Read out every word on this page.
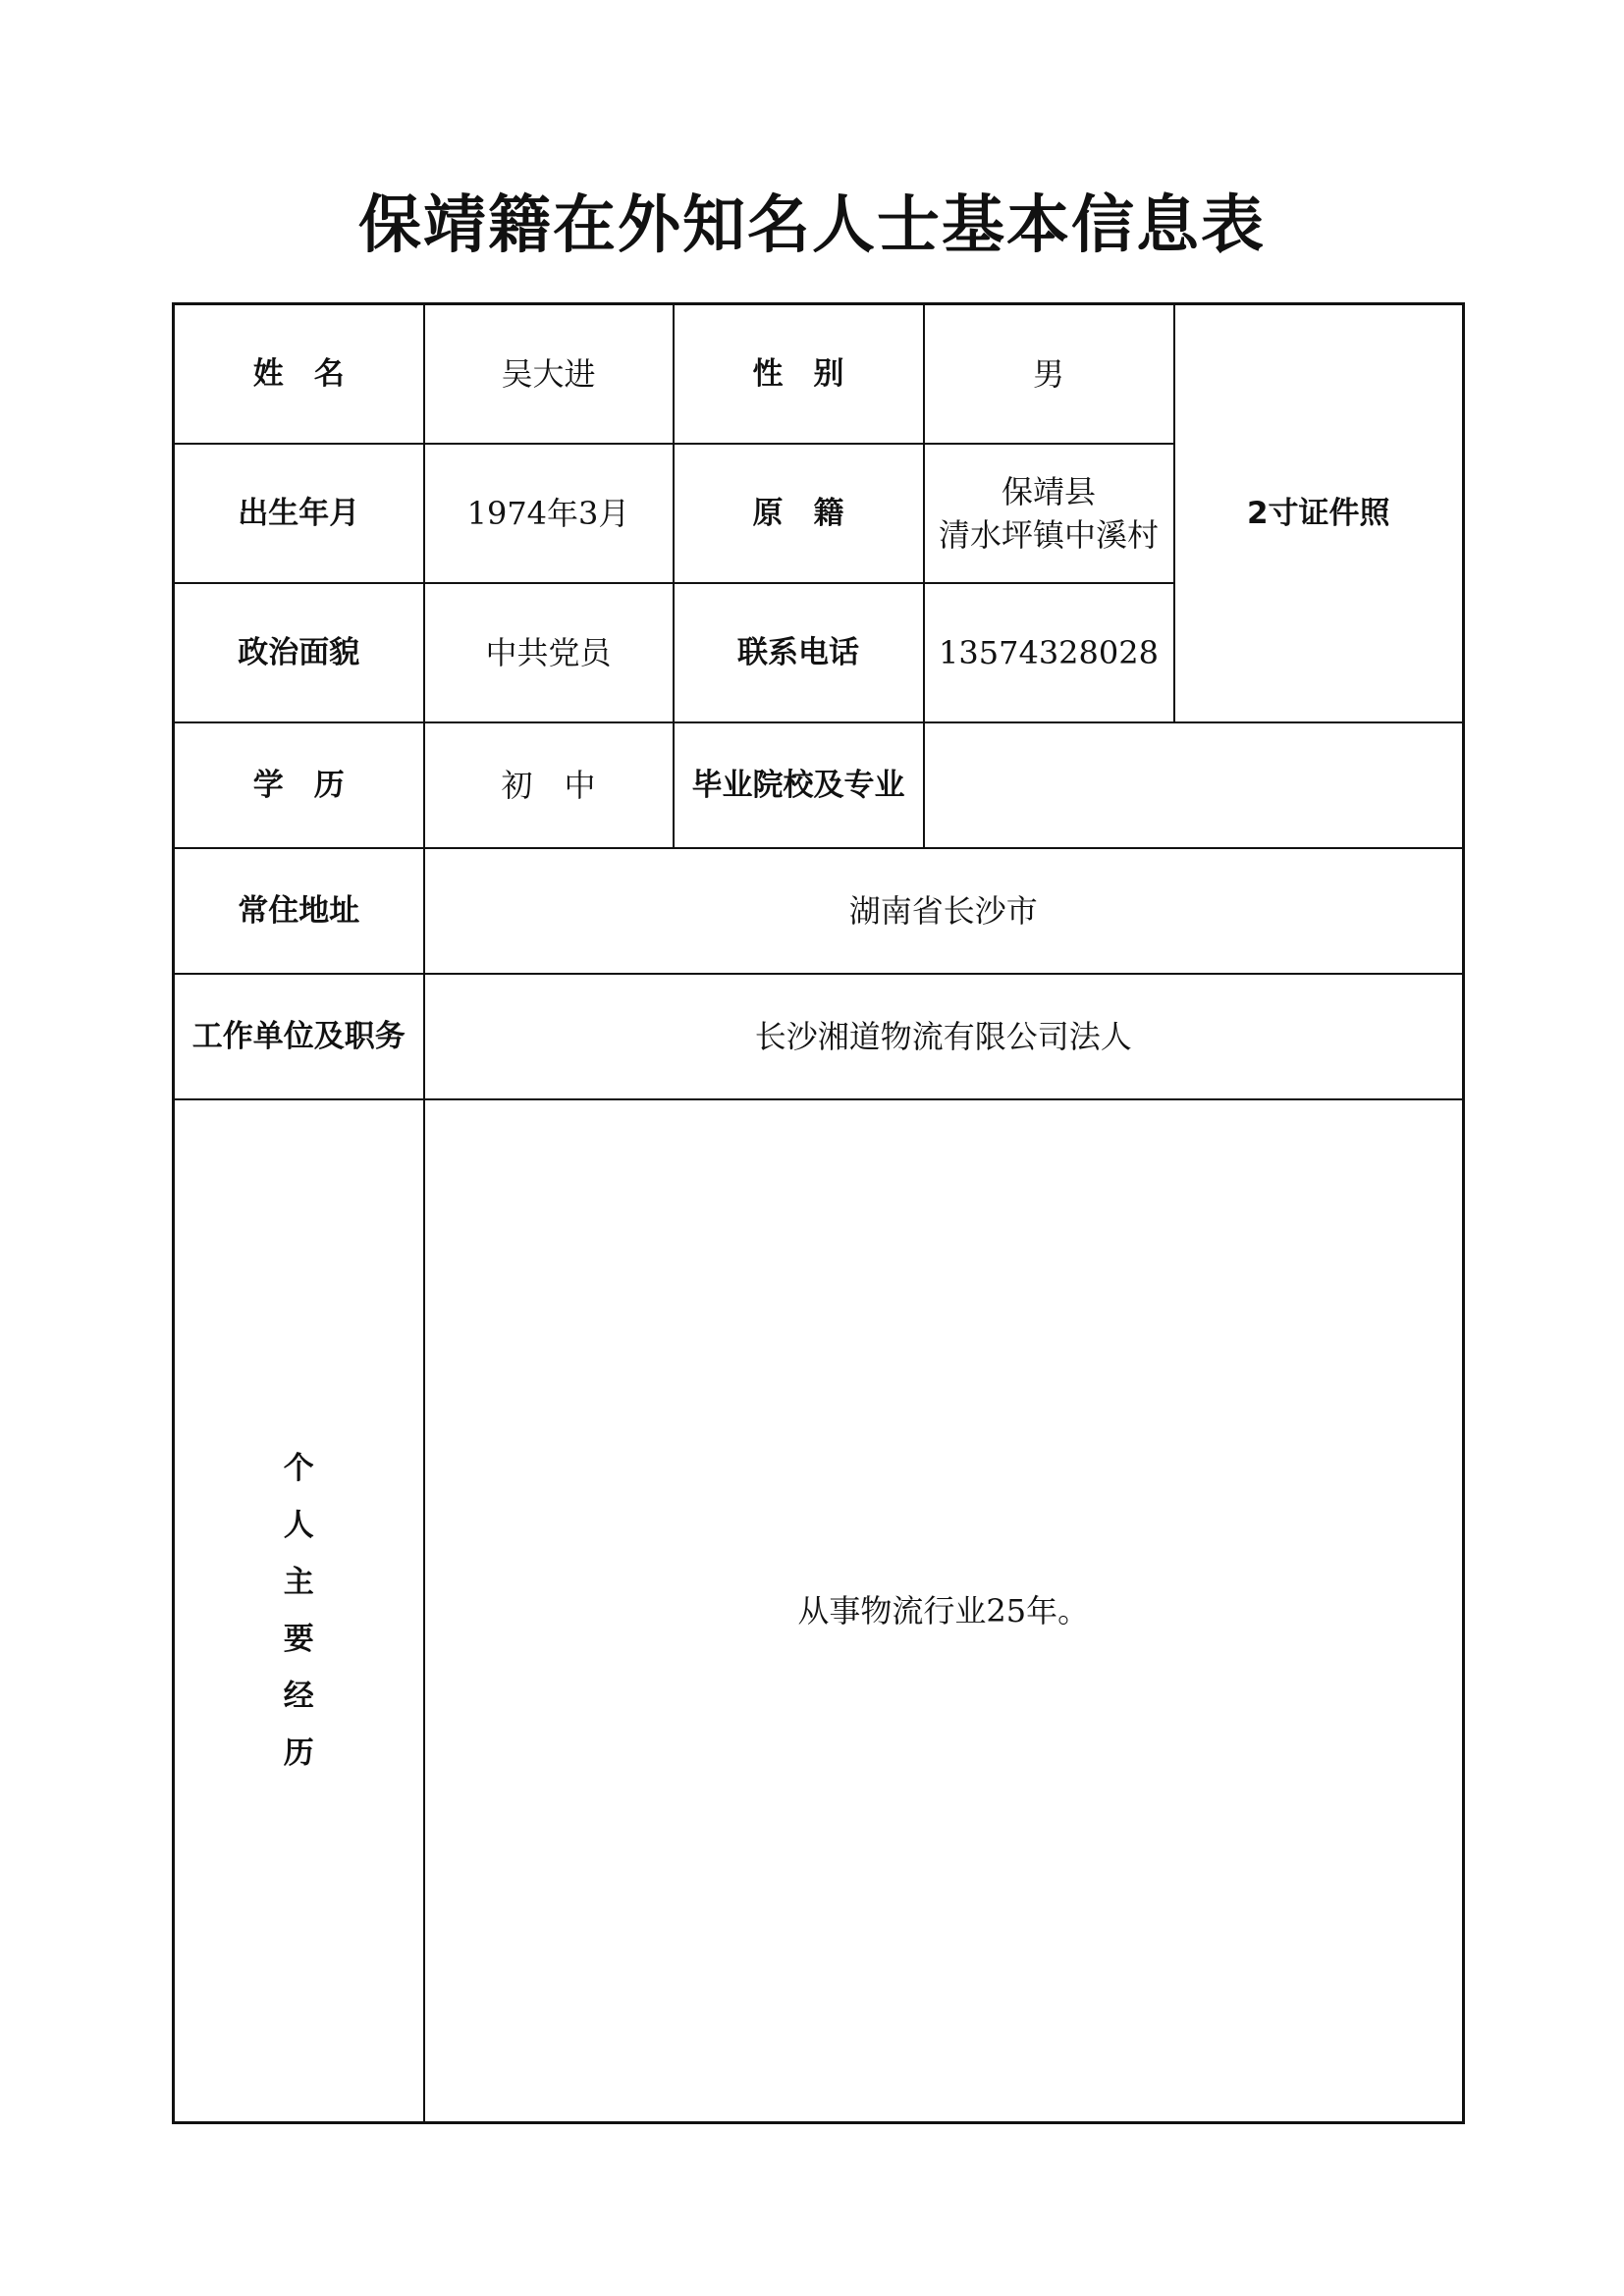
保靖籍在外知名人士基本信息表
姓　名	吴大进	性　别	男	2寸证件照
出生年月	1974年3月	原　籍	保靖县
清水坪镇中溪村	

政治面貌	中共党员	联系电话	13574328028	
学　历	初　中	毕业院校及专业		
常住地址	湖南省长沙市			
工作单位及职务	长沙湘道物流有限公司法人			
个人主要经历	从事物流行业25年。			
